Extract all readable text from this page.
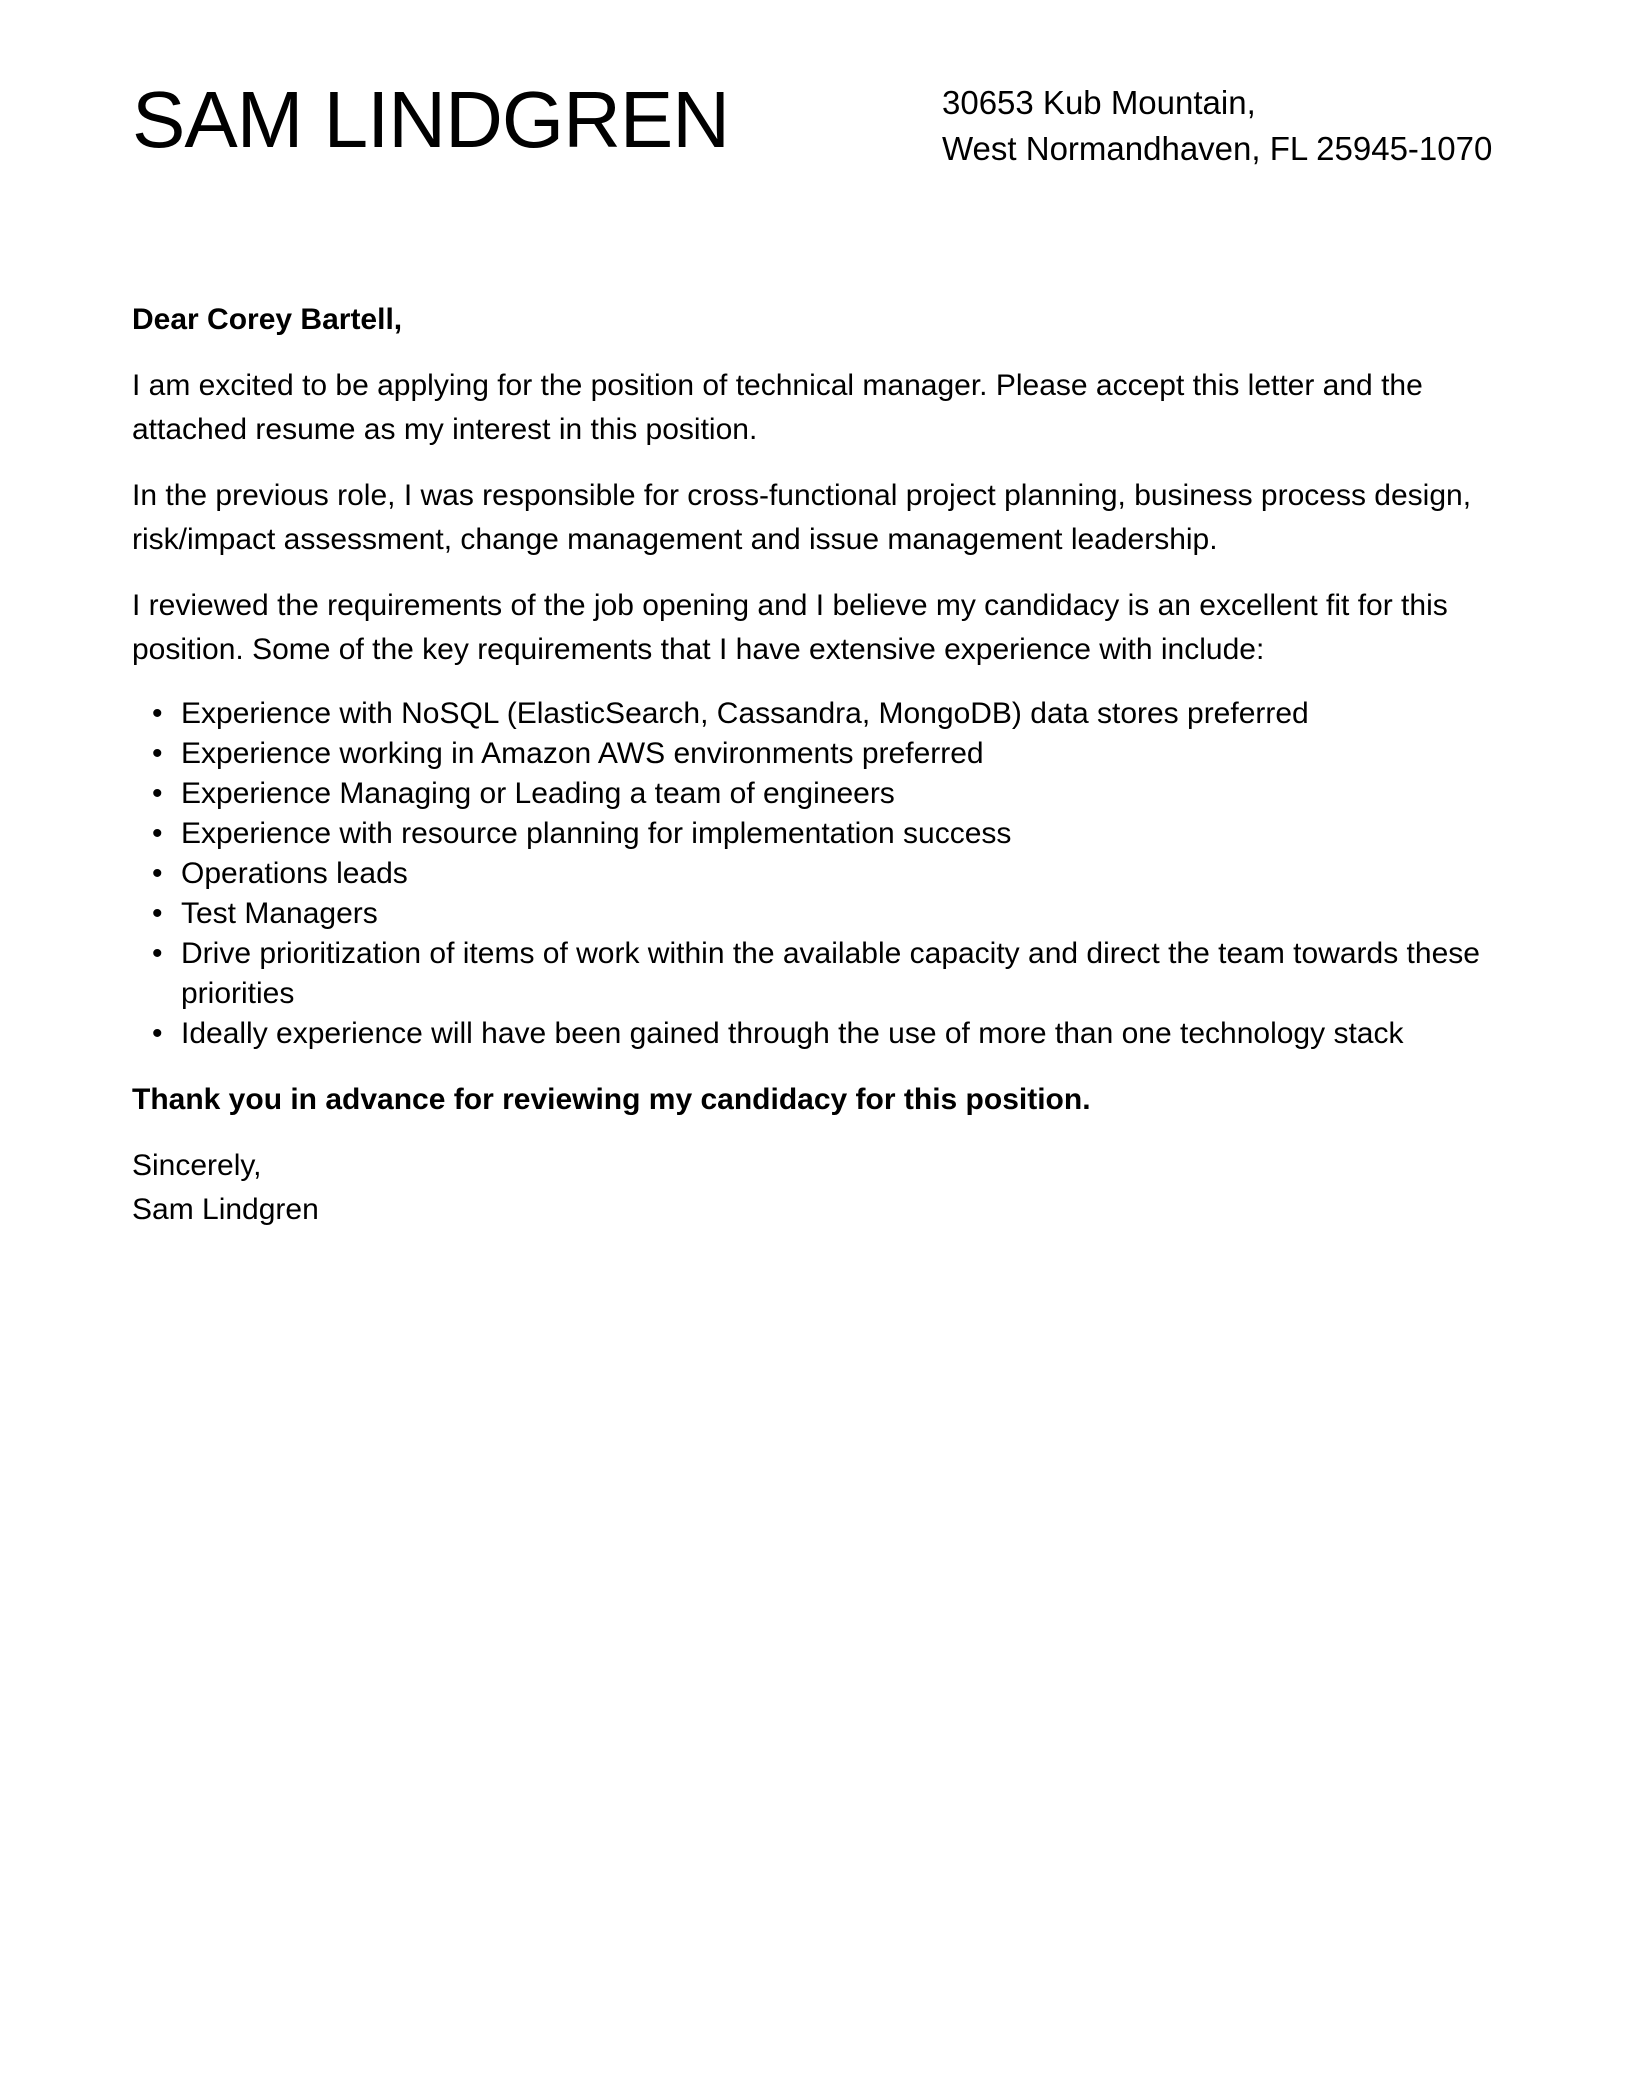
SAM LINDGREN	30653 Kub Mountain,
West Normandhaven, FL 25945-1070
Dear Corey Bartell,
I am excited to be applying for the position of technical manager. Please accept this letter and the attached resume as my interest in this position.
In the previous role, I was responsible for cross-functional project planning, business process design, risk/impact assessment, change management and issue management leadership.
I reviewed the requirements of the job opening and I believe my candidacy is an excellent fit for this position. Some of the key requirements that I have extensive experience with include:
• Experience with NoSQL (ElasticSearch, Cassandra, MongoDB) data stores preferred
• Experience working in Amazon AWS environments preferred
• Experience Managing or Leading a team of engineers
• Experience with resource planning for implementation success
• Operations leads
• Test Managers
• Drive prioritization of items of work within the available capacity and direct the team towards these priorities
• Ideally experience will have been gained through the use of more than one technology stack
Thank you in advance for reviewing my candidacy for this position.
Sincerely,
Sam Lindgren
